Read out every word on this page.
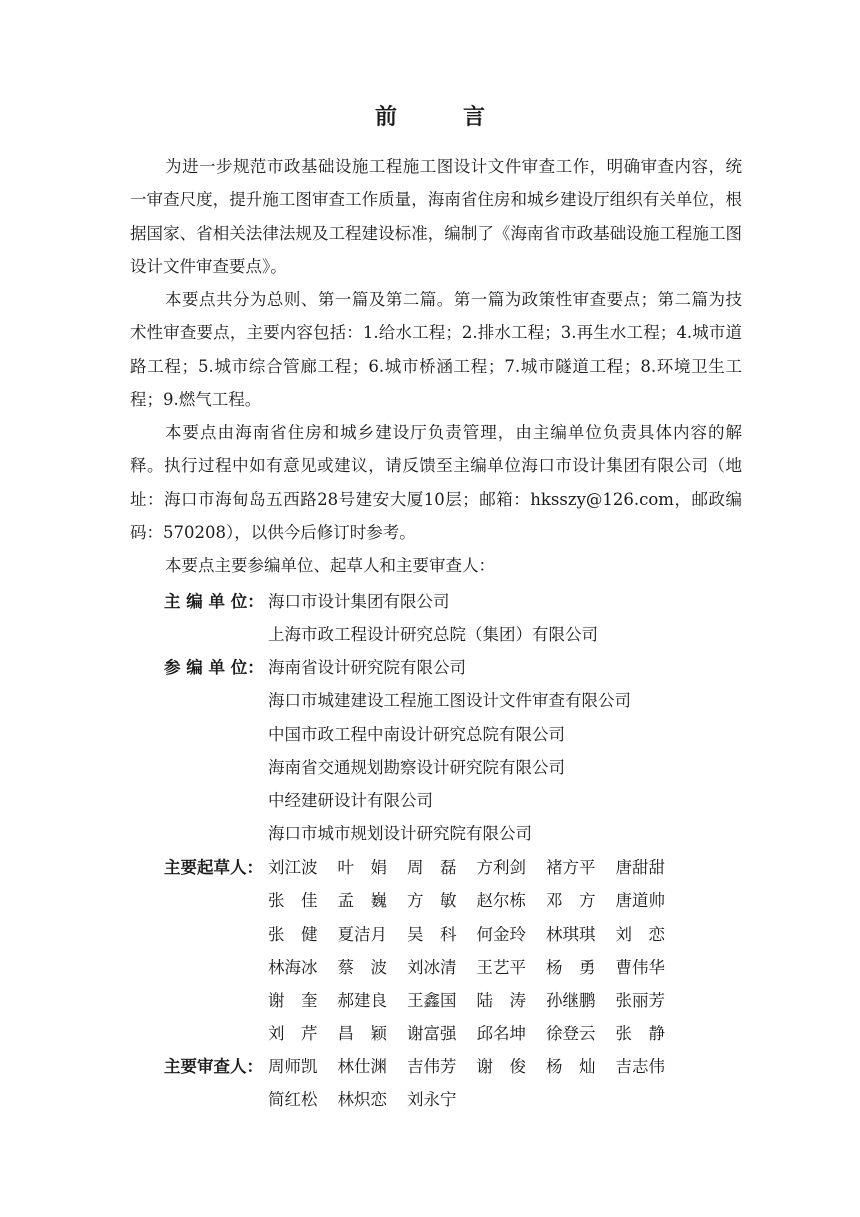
前　言

为进一步规范市政基础设施工程施工图设计文件审查工作，明确审查内容，统一审查尺度，提升施工图审查工作质量，海南省住房和城乡建设厅组织有关单位，根据国家、省相关法律法规及工程建设标准，编制了《海南省市政基础设施工程施工图设计文件审查要点》。

本要点共分为总则、第一篇及第二篇。第一篇为政策性审查要点；第二篇为技术性审查要点，主要内容包括：1.给水工程；2.排水工程；3.再生水工程；4.城市道路工程；5.城市综合管廊工程；6.城市桥涵工程；7.城市隧道工程；8.环境卫生工程；9.燃气工程。

本要点由海南省住房和城乡建设厅负责管理，由主编单位负责具体内容的解释。执行过程中如有意见或建议，请反馈至主编单位海口市设计集团有限公司（地址：海口市海甸岛五西路28号建安大厦10层；邮箱：hksszy@126.com，邮政编码：570208），以供今后修订时参考。

本要点主要参编单位、起草人和主要审查人：

主 编 单 位： 海口市设计集团有限公司
上海市政工程设计研究总院（集团）有限公司
参 编 单 位： 海南省设计研究院有限公司
海口市城建建设工程施工图设计文件审查有限公司
中国市政工程中南设计研究总院有限公司
海南省交通规划勘察设计研究院有限公司
中经建研设计有限公司
海口市城市规划设计研究院有限公司
主要起草人： 刘江波 叶　娟 周　磊 方利剑 褚方平 唐甜甜张　佳 孟　巍 方　敏 赵尔栋 邓　方 唐道帅张　健 夏洁月 吴　科 何金玲 林琪琪 刘　恋林海冰 蔡　波 刘冰清 王艺平 杨　勇 曹伟华谢　奎 郝建良 王鑫国 陆　涛 孙继鹏 张丽芳刘　芹 昌　颖 谢富强 邱名坤 徐登云 张　静
主要审查人： 周师凯 林仕渊 吉伟芳 谢　俊 杨　灿 吉志伟简红松 林炽恋 刘永宁
